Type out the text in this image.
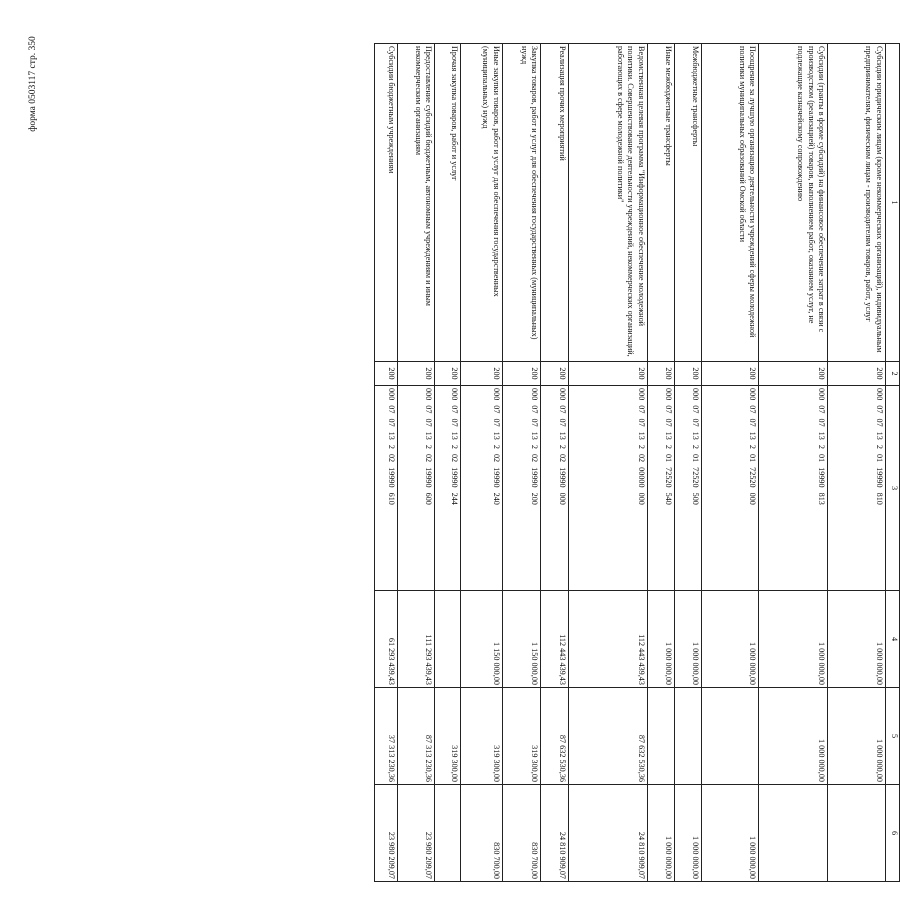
форма 0503117 стр. 350
1	2	3	4	5	6
Субсидии юридическим лицам (кроме некоммерческих организаций), индивидуальным предпринимателям, физическим лицам - производителям товаров, работ, услуг	200	00007071320119990810	1 000 000,00	1 000 000,00	
Субсидии (гранты в форме субсидий) на финансовое обеспечение затрат в связи с производством (реализацией) товаров, выполнением работ, оказанием услуг, не подлежащие казначейскому сопровождению	200	00007071320119990813	1 000 000,00	1 000 000,00	
Поощрение за лучшую организацию деятельности учреждений сферы молодежной политики муниципальных образований Омской области	200	00007071320172520000	1 000 000,00		1 000 000,00
Межбюджетные трансферты	200	00007071320172520500	1 000 000,00		1 000 000,00
Иные межбюджетные трансферты	200	00007071320172520540	1 000 000,00		1 000 000,00
Ведомственная целевая программа "Информационное обеспечение молодежной политики. Совершенствование деятельности учреждений, некоммерческих организаций, работающих в сфере молодежной политики"	200	00007071320200000000	112 443 439,43	87 632 530,36	24 810 909,07
Реализация прочих мероприятий	200	00007071320219990000	112 443 439,43	87 632 530,36	24 810 909,07
Закупка товаров, работ и услуг для обеспечения государственных (муниципальных) нужд	200	00007071320219990200	1 150 000,00	319 300,00	830 700,00
Иные закупки товаров, работ и услуг для обеспечения государственных (муниципальных) нужд	200	00007071320219990240	1 150 000,00	319 300,00	830 700,00
Прочая закупка товаров, работ и услуг	200	00007071320219990244		319 300,00	
Предоставление субсидий бюджетным, автономным учреждениям и иным некоммерческим организациям	200	00007071320219990600	111 293 439,43	87 313 230,36	23 980 209,07
Субсидии бюджетным учреждениям	200	00007071320219990610	61 293 439,43	37 313 230,36	23 980 209,07
